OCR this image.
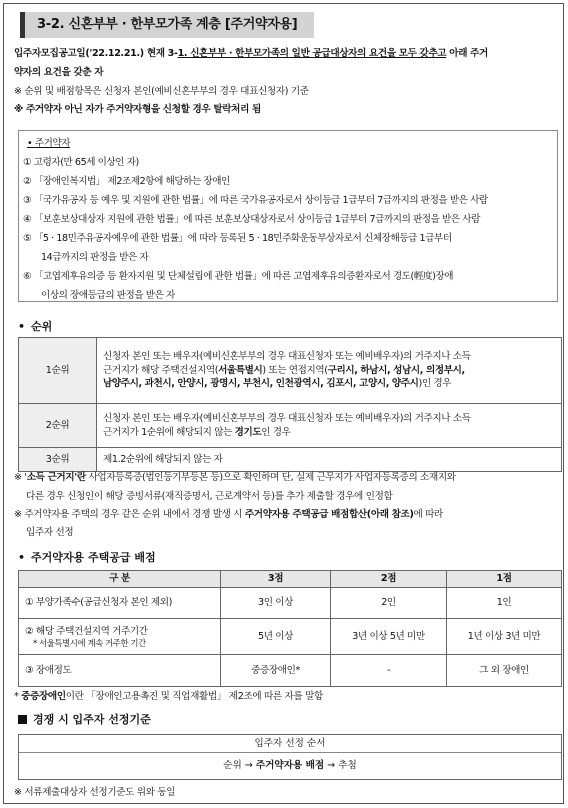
3-2. 신혼부부 · 한부모가족 계층 [주거약자용]
입주자모집공고일('22.12.21.) 현재 3-1. 신혼부부 · 한부모가족의 일반 공급대상자의 요건을 모두 갖추고 아래 주거
약자의 요건을 갖춘 자
※ 순위 및 배점항목은 신청자 본인(예비신혼부부의 경우 대표신청자) 기준
※ 주거약자 아닌 자가 주거약자형을 신청할 경우 탈락처리 됨
• 주거약자
① 고령자(만 65세 이상인 자)
② 「장애인복지법」 제2조제2항에 해당하는 장애인
③ 「국가유공자 등 예우 및 지원에 관한 법률」에 따른 국가유공자로서 상이등급 1급부터 7급까지의 판정을 받은 사람
④ 「보훈보상대상자 지원에 관한 법률」에 따른 보훈보상대상자로서 상이등급 1급부터 7급까지의 판정을 받은 사람
⑤ 「5 · 18민주유공자예우에 관한 법률」에 따라 등록된 5 · 18민주화운동부상자로서 신체장해등급 1급부터
14급까지의 판정을 받은 자
⑥ 「고엽제후유의증 등 환자지원 및 단체설립에 관한 법률」에 따른 고엽제후유의증환자로서 경도(輕度)장애
이상의 장애등급의 판정을 받은 자
• 순위
1순위	신청자 본인 또는 배우자(예비신혼부부의 경우 대표신청자 또는 예비배우자)의 거주지나 소득
근거지가 해당 주택건설지역(서울특별시) 또는 연접지역(구리시, 하남시, 성남시, 의정부시,
남양주시, 과천시, 안양시, 광명시, 부천시, 인천광역시, 김포시, 고양시, 양주시)인 경우

2순위	신청자 본인 또는 배우자(예비신혼부부의 경우 대표신청자 또는 예비배우자)의 거주지나 소득
근거지가 1순위에 해당되지 않는 경기도인 경우

3순위	제1.2순위에 해당되지 않는 자
※ '소득 근거지'란 사업자등록증(법인등기부등본 등)으로 확인하며 단, 실제 근무지가 사업자등록증의 소재지와
다른 경우 신청인이 해당 증빙서류(재직증명서, 근로계약서 등)를 추가 제출할 경우에 인정함
※ 주거약자용 주택의 경우 같은 순위 내에서 경쟁 발생 시 주거약자용 주택공급 배점합산(아래 참조)에 따라
입주자 선정
• 주거약자용 주택공급 배점
구 분	3점	2점	1점
① 부양가족수(공급신청자 본인 제외)	3인 이상	2인	1인
② 해당 주택건설지역 거주기간
* 서울특별시에 계속 거주한 기간	5년 이상	3년 이상 5년 미만	1년 이상 3년 미만
③ 장애정도	중증장애인*	-	그 외 장애인
* 중증장애인이란 「장애인고용촉진 및 직업재활법」 제2조에 따른 자를 말함
경쟁 시 입주자 선정기준
입주자 선정 순서
순위 → 주거약자용 배점 → 추첨
※ 서류제출대상자 선정기준도 위와 동일
